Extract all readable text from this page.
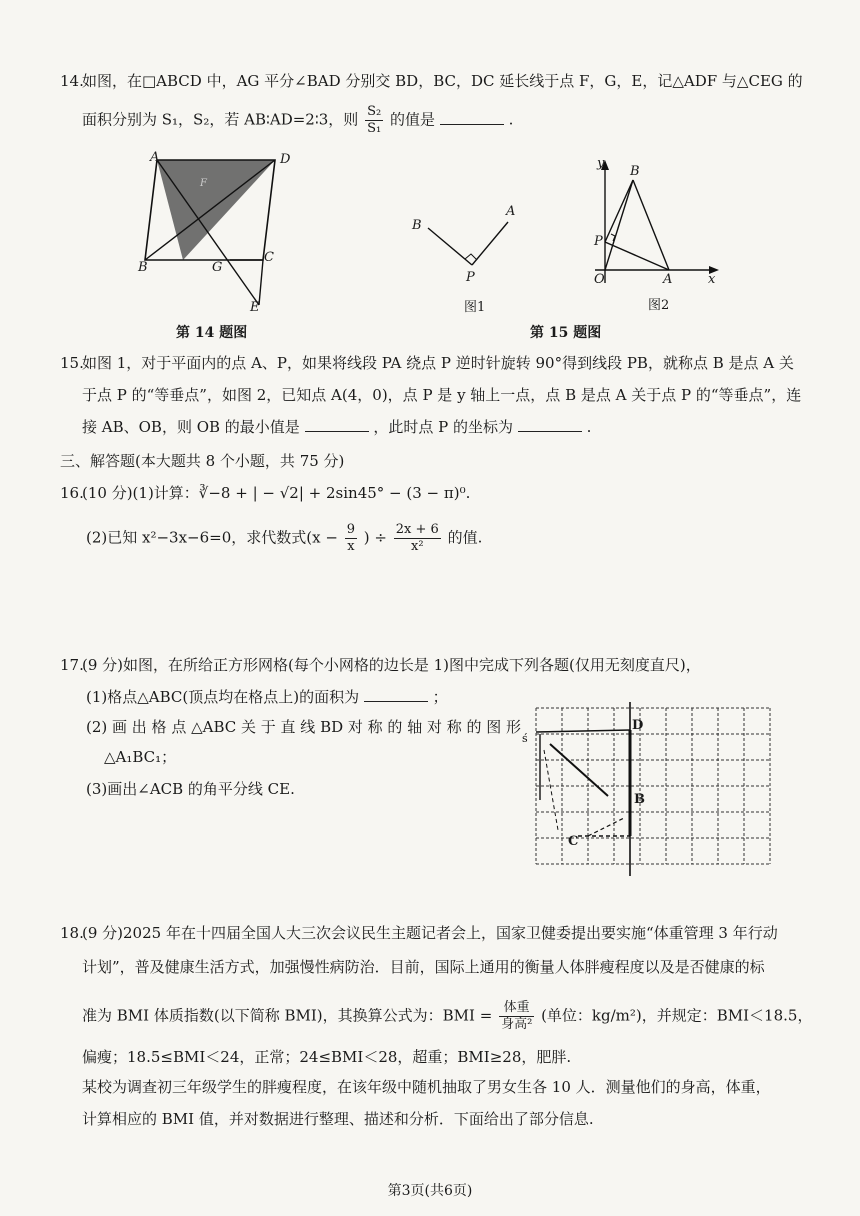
14.
如图，在□ABCD 中，AG 平分∠BAD 分别交 BD，BC，DC 延长线于点 F，G，E，记△ADF 与△CEG 的
面积分别为 S₁，S₂，若 AB∶AD=2∶3，则 $\frac{\text{S₂}}{\text{S₁}}$ 的值是	.
A	D
B	G
C
E
F
第 14 题图
B
A
P
图1
y
B
P
O	A	x
图2
第 15 题图
15.
如图 1，对于平面内的点 A、P，如果将线段 PA 绕点 P 逆时针旋转 90°得到线段 PB，就称点 B 是点 A 关
于点 P 的“等垂点”，如图 2，已知点 A(4，0)，点 P 是 y 轴上一点，点 B 是点 A 关于点 P 的“等垂点”，连
接 AB、OB，则 OB 的最小值是	，此时点 P 的坐标为	.
三、解答题(本大题共 8 个小题，共 75 分)
16.
(10 分)(1)计算：∛−8 + | − √2| + 2sin45° − (3 − π)⁰.
(2)已知 x²−3x−6=0，求代数式($x - \frac{9}{x}$ ) ÷ $\frac{2x + 6}{\text{x²}}$ 的值.
17.
(9 分)如图，在所给正方形网格(每个小网格的边长是 1)图中完成下列各题(仅用无刻度直尺)，
(1)格点△ABC(顶点均在格点上)的面积为	；
(2) 画 出 格 点 △ABC 关 于 直 线 BD 对 称 的 轴 对 称 的 图 形
△A₁BC₁；
(3)画出∠ACB 的角平分线 CE.
ś
D
B
C
18.
(9 分)2025 年在十四届全国人大三次会议民生主题记者会上，国家卫健委提出要实施“体重管理 3 年行动
计划”，普及健康生活方式，加强慢性病防治．目前，国际上通用的衡量人体胖瘦程度以及是否健康的标
准为 BMI 体质指数(以下简称 BMI)，其换算公式为：BMI = $\frac{\text{体重}}{\text{身高²}}$ (单位：kg/m²)，并规定：BMI＜18.5，
偏瘦；18.5≤BMI＜24，正常；24≤BMI＜28，超重；BMI≥28，肥胖.
某校为调查初三年级学生的胖瘦程度，在该年级中随机抽取了男女生各 10 人．测量他们的身高，体重，
计算相应的 BMI 值，并对数据进行整理、描述和分析．下面给出了部分信息.
第3页(共6页)
